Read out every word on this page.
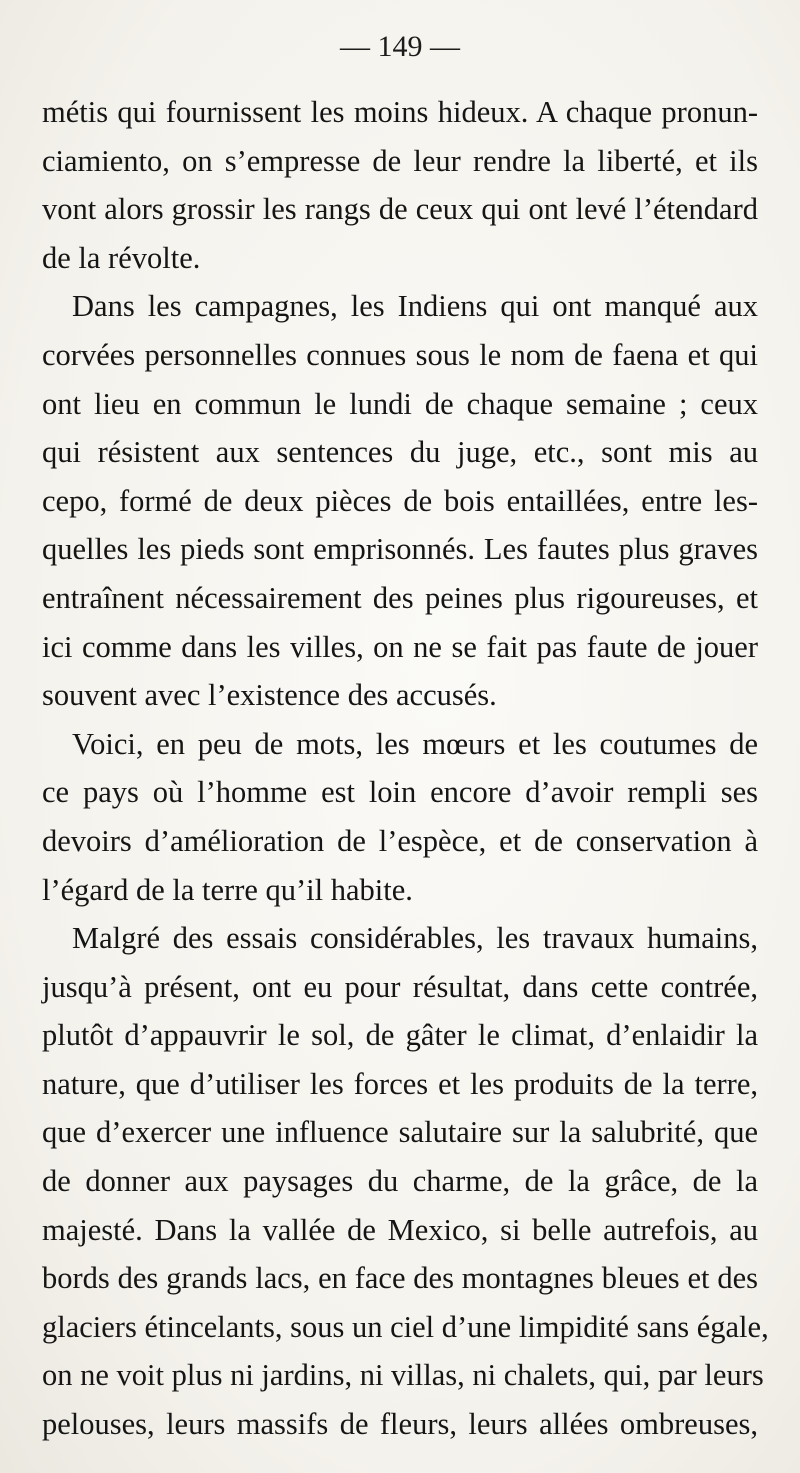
— 149 —
métis qui fournissent les moins hideux. A chaque pronun-
ciamiento, on s’empresse de leur rendre la liberté, et ils
vont alors grossir les rangs de ceux qui ont levé l’étendard
de la révolte.
Dans les campagnes, les Indiens qui ont manqué aux
corvées personnelles connues sous le nom de faena et qui
ont lieu en commun le lundi de chaque semaine ; ceux
qui résistent aux sentences du juge, etc., sont mis au
cepo, formé de deux pièces de bois entaillées, entre les-
quelles les pieds sont emprisonnés. Les fautes plus graves
entraînent nécessairement des peines plus rigoureuses, et
ici comme dans les villes, on ne se fait pas faute de jouer
souvent avec l’existence des accusés.
Voici, en peu de mots, les mœurs et les coutumes de
ce pays où l’homme est loin encore d’avoir rempli ses
devoirs d’amélioration de l’espèce, et de conservation à
l’égard de la terre qu’il habite.
Malgré des essais considérables, les travaux humains,
jusqu’à présent, ont eu pour résultat, dans cette contrée,
plutôt d’appauvrir le sol, de gâter le climat, d’enlaidir la
nature, que d’utiliser les forces et les produits de la terre,
que d’exercer une influence salutaire sur la salubrité, que
de donner aux paysages du charme, de la grâce, de la
majesté. Dans la vallée de Mexico, si belle autrefois, au
bords des grands lacs, en face des montagnes bleues et des
glaciers étincelants, sous un ciel d’une limpidité sans égale,
on ne voit plus ni jardins, ni villas, ni chalets, qui, par leurs
pelouses, leurs massifs de fleurs, leurs allées ombreuses,
